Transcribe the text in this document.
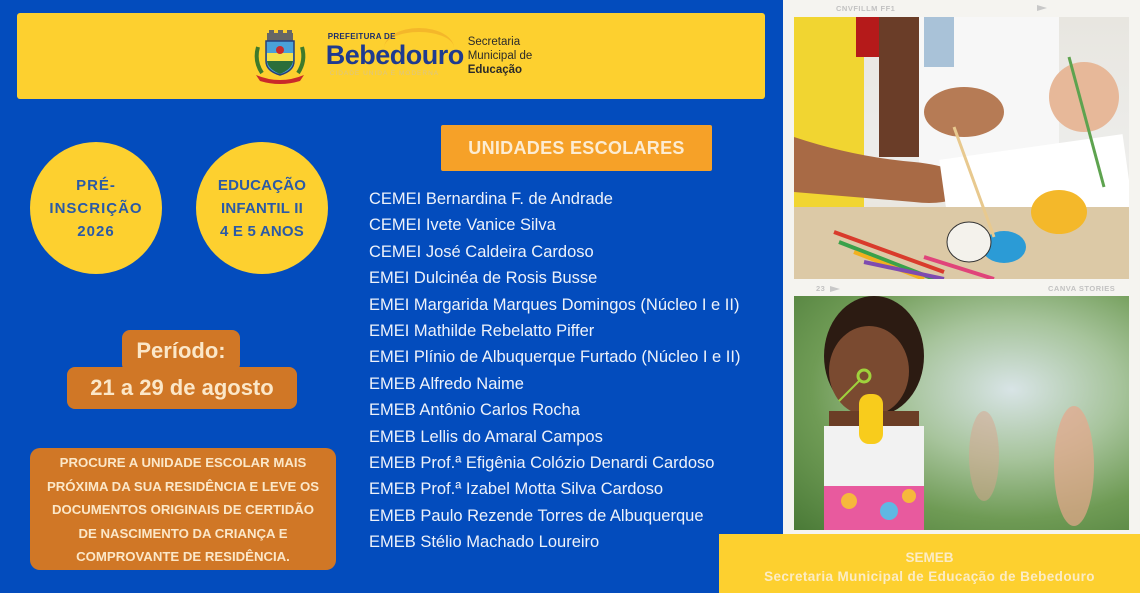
PREFEITURA DE
Bebedouro
CIDADE UNIDA E MODERNA
Secretaria
Municipal de
Educação
PRÉ-
INSCRIÇÃO
2026
EDUCAÇÃO
INFANTIL II
4 E 5 ANOS
21 a 29 de agosto
Período:
PROCURE A UNIDADE ESCOLAR MAIS
PRÓXIMA DA SUA RESIDÊNCIA E LEVE OS
DOCUMENTOS ORIGINAIS DE CERTIDÃO
DE NASCIMENTO DA CRIANÇA E
COMPROVANTE DE RESIDÊNCIA.
UNIDADES ESCOLARES
CEMEI Bernardina F. de Andrade
CEMEI Ivete Vanice Silva
CEMEI José Caldeira Cardoso
EMEI Dulcinéa de Rosis Busse
EMEI Margarida Marques Domingos (Núcleo I e II)
EMEI Mathilde Rebelatto Piffer
EMEI Plínio de Albuquerque Furtado (Núcleo I e II)
EMEB Alfredo Naime
EMEB Antônio Carlos Rocha
EMEB Lellis do Amaral Campos
EMEB Prof.ª Efigênia Colózio Denardi Cardoso
EMEB Prof.ª Izabel Motta Silva Cardoso
EMEB Paulo Rezende Torres de Albuquerque
EMEB Stélio Machado Loureiro
CNVFILLM FF1
23	CANVA STORIES
SEMEB
Secretaria Municipal de Educação de Bebedouro
